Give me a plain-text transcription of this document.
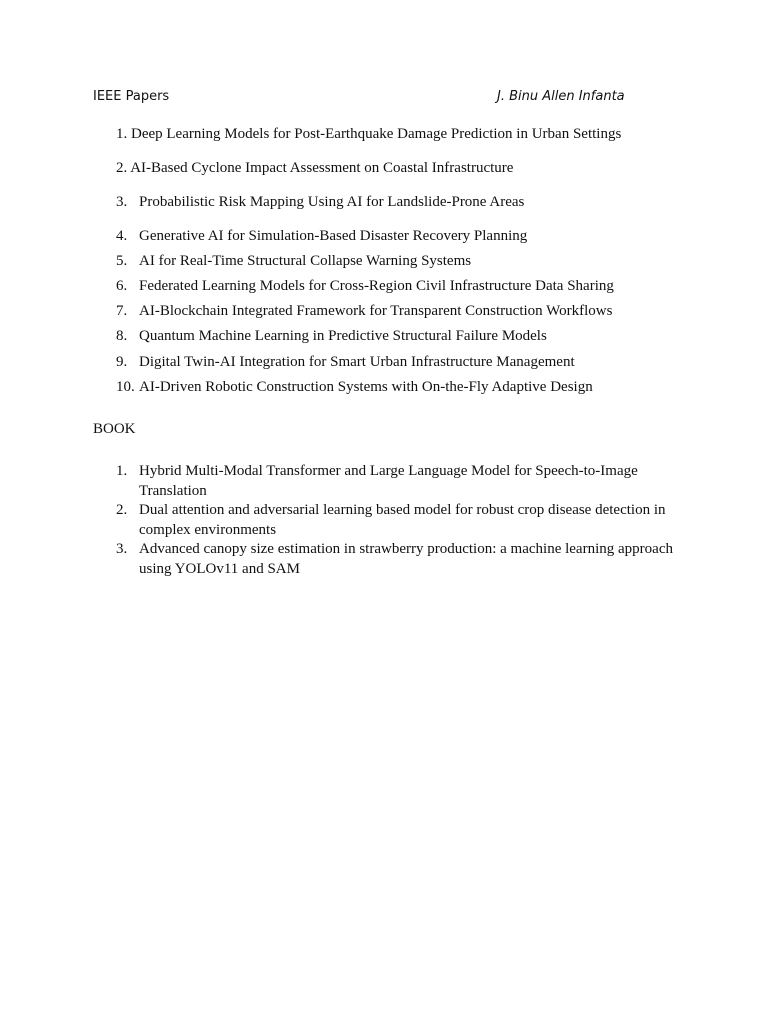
IEEE Papers	J. Binu Allen Infanta
1. Deep Learning Models for Post-Earthquake Damage Prediction in Urban Settings
2. AI-Based Cyclone Impact Assessment on Coastal Infrastructure
3. Probabilistic Risk Mapping Using AI for Landslide-Prone Areas
4. Generative AI for Simulation-Based Disaster Recovery Planning
5. AI for Real-Time Structural Collapse Warning Systems
6. Federated Learning Models for Cross-Region Civil Infrastructure Data Sharing
7. AI-Blockchain Integrated Framework for Transparent Construction Workflows
8. Quantum Machine Learning in Predictive Structural Failure Models
9. Digital Twin-AI Integration for Smart Urban Infrastructure Management
10. AI-Driven Robotic Construction Systems with On-the-Fly Adaptive Design
BOOK
1. Hybrid Multi-Modal Transformer and Large Language Model for Speech-to-Image Translation
2. Dual attention and adversarial learning based model for robust crop disease detection in complex environments
3. Advanced canopy size estimation in strawberry production: a machine learning approach using YOLOv11 and SAM
